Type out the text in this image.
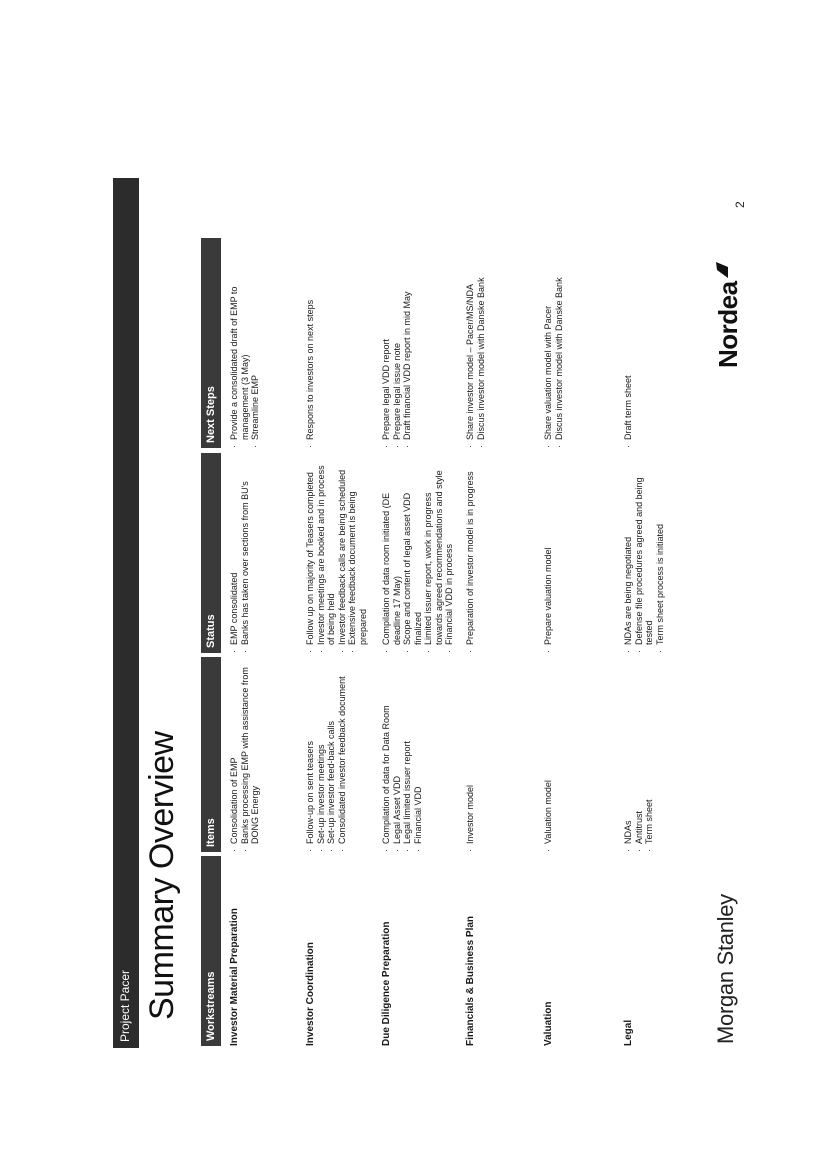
Project Pacer Summary Overview	Workstreams
Items
Status
Next Steps
Investor Material Preparation
· Consolidation of EMP · Banks processing EMP with assistance from DONG Energy
· EMP consolidated · Banks has taken over sections from BU's
· Provide a consolidated draft of EMP to management (3 May) · Streamline EMP
Investor Coordination
· Follow-up on sent teasers · Set-up investor meetings · Set-up investor feed-back calls · Consolidated investor feedback document
· Follow up on majority of Teasers completed · Investor meetings are booked and in process of being held · Investor feedback calls are being scheduled · Extensive feedback document is being prepared
· Respons to investors on next steps
Due Diligence Preparation
· Compilation of data for Data Room · Legal Asset VDD · Legal limited issuer report · Financial VDD
· Compilation of data room initiated (DE deadline 17 May) · Scope and content of legal asset VDD finalized · Limited issuer report, work in progress towards agreed recommendations and style · Financial VDD in process
· Prepare legal VDD report · Prepare legal issue note · Draft financial VDD report in mid May
Financials & Business Plan
· Investor model
· Preparation of investor model is in progress
· Share investor model – Pacer/MS/NDA · Discus investor model with Danske Bank
Valuation
· Valuation model
· Prepare valuation model
· Share valuation model with Pacer · Discus investor model with Danske Bank
Legal
· NDAs · Antitrust · Term sheet
· NDAs are being negotiated · Defense file procedures agreed and being tested · Term sheet process is initiated
· Draft term sheet
Morgan Stanley
Nordea
2
